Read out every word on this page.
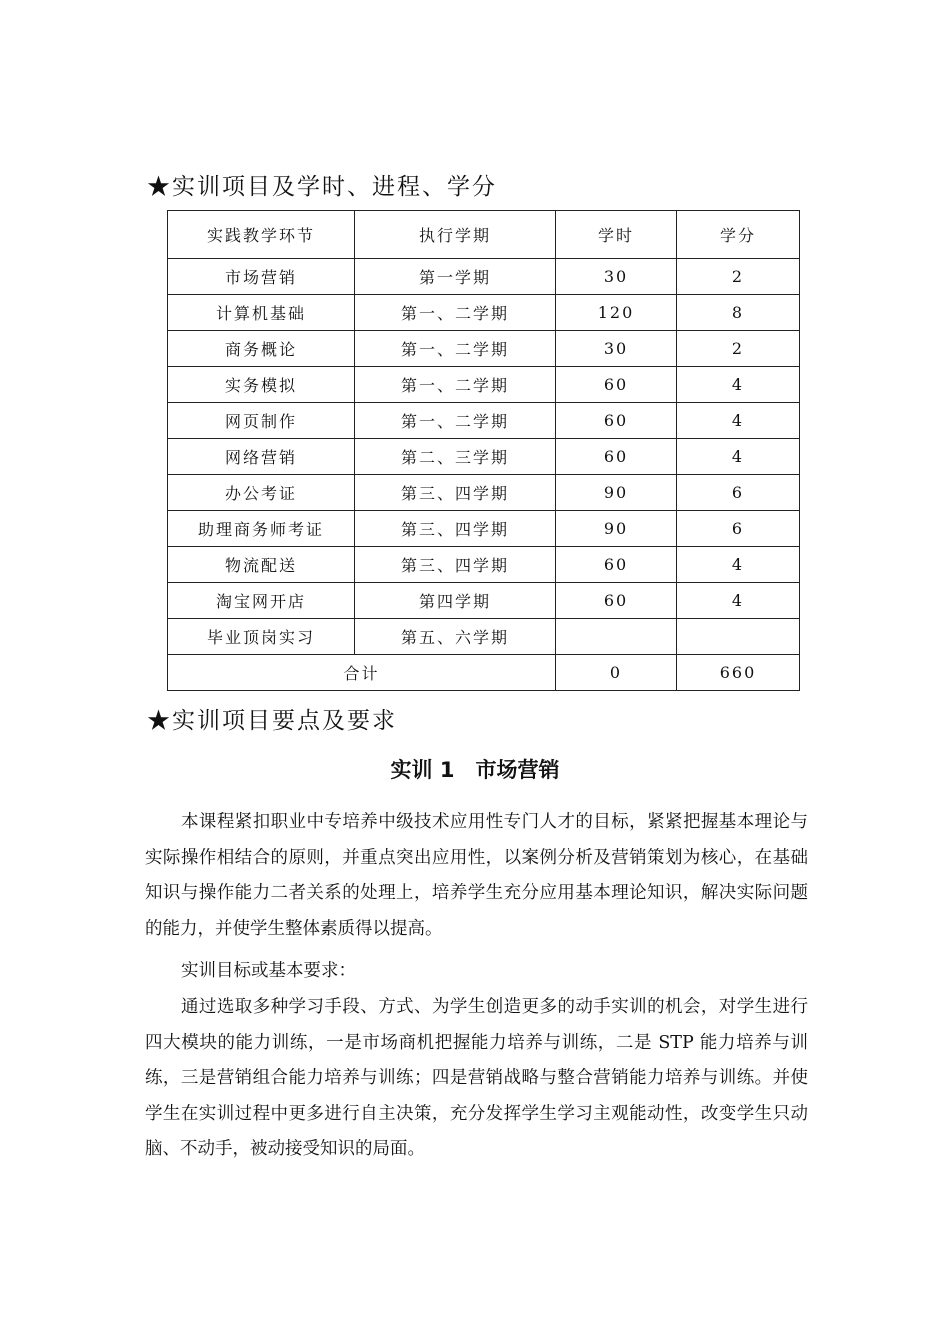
★实训项目及学时、进程、学分
实践教学环节	执行学期	学时	学分
市场营销	第一学期	30	2
计算机基础	第一、二学期	120	8
商务概论	第一、二学期	30	2
实务模拟	第一、二学期	60	4
网页制作	第一、二学期	60	4
网络营销	第二、三学期	60	4
办公考证	第三、四学期	90	6
助理商务师考证	第三、四学期	90	6
物流配送	第三、四学期	60	4
淘宝网开店	第四学期	60	4
毕业顶岗实习	第五、六学期		
合计		0	660
★实训项目要点及要求
实训 1　市场营销

本课程紧扣职业中专培养中级技术应用性专门人才的目标，紧紧把握基本理论与实际操作相结合的原则，并重点突出应用性，以案例分析及营销策划为核心，在基础知识与操作能力二者关系的处理上，培养学生充分应用基本理论知识，解决实际问题的能力，并使学生整体素质得以提高。

实训目标或基本要求：

通过选取多种学习手段、方式、为学生创造更多的动手实训的机会，对学生进行四大模块的能力训练，一是市场商机把握能力培养与训练，二是 STP 能力培养与训练，三是营销组合能力培养与训练；四是营销战略与整合营销能力培养与训练。并使学生在实训过程中更多进行自主决策，充分发挥学生学习主观能动性，改变学生只动脑、不动手，被动接受知识的局面。
